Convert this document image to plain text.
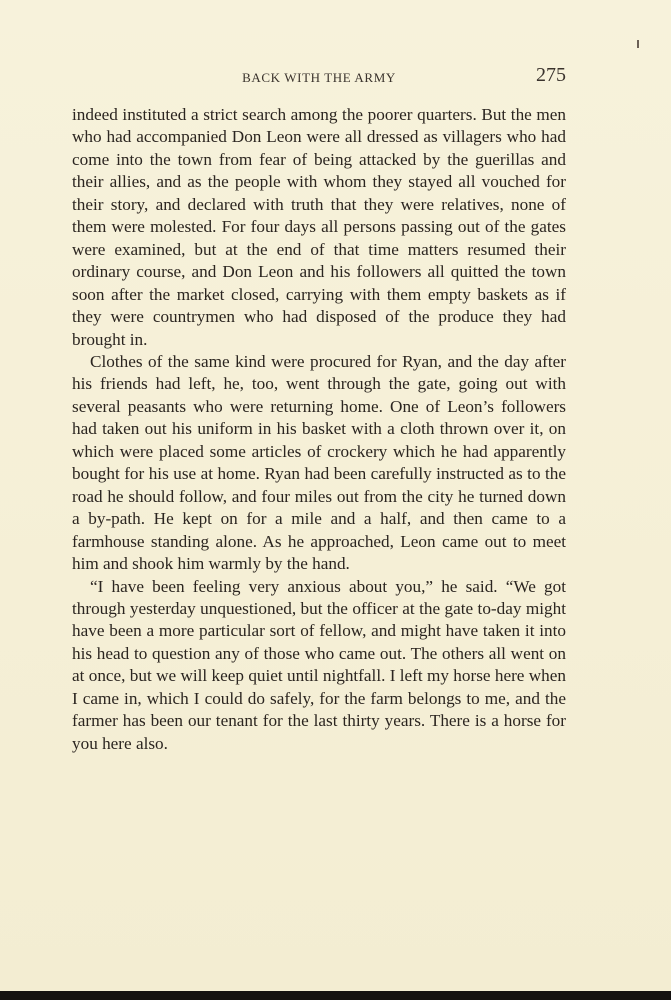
BACK WITH THE ARMY	275

indeed instituted a strict search among the poorer quarters. But the men who had accompanied Don Leon were all dressed as villagers who had come into the town from fear of being attacked by the guerillas and their allies, and as the people with whom they stayed all vouched for their story, and declared with truth that they were relatives, none of them were molested. For four days all persons passing out of the gates were examined, but at the end of that time matters resumed their ordinary course, and Don Leon and his followers all quitted the town soon after the market closed, carrying with them empty baskets as if they were countrymen who had disposed of the produce they had brought in.

Clothes of the same kind were procured for Ryan, and the day after his friends had left, he, too, went through the gate, going out with several peasants who were returning home. One of Leon’s followers had taken out his uniform in his basket with a cloth thrown over it, on which were placed some articles of crockery which he had apparently bought for his use at home. Ryan had been carefully instructed as to the road he should follow, and four miles out from the city he turned down a by-path. He kept on for a mile and a half, and then came to a farmhouse standing alone. As he approached, Leon came out to meet him and shook him warmly by the hand.

“I have been feeling very anxious about you,” he said. “We got through yesterday unquestioned, but the officer at the gate to-day might have been a more particular sort of fellow, and might have taken it into his head to question any of those who came out. The others all went on at once, but we will keep quiet until nightfall. I left my horse here when I came in, which I could do safely, for the farm belongs to me, and the farmer has been our tenant for the last thirty years. There is a horse for you here also.
